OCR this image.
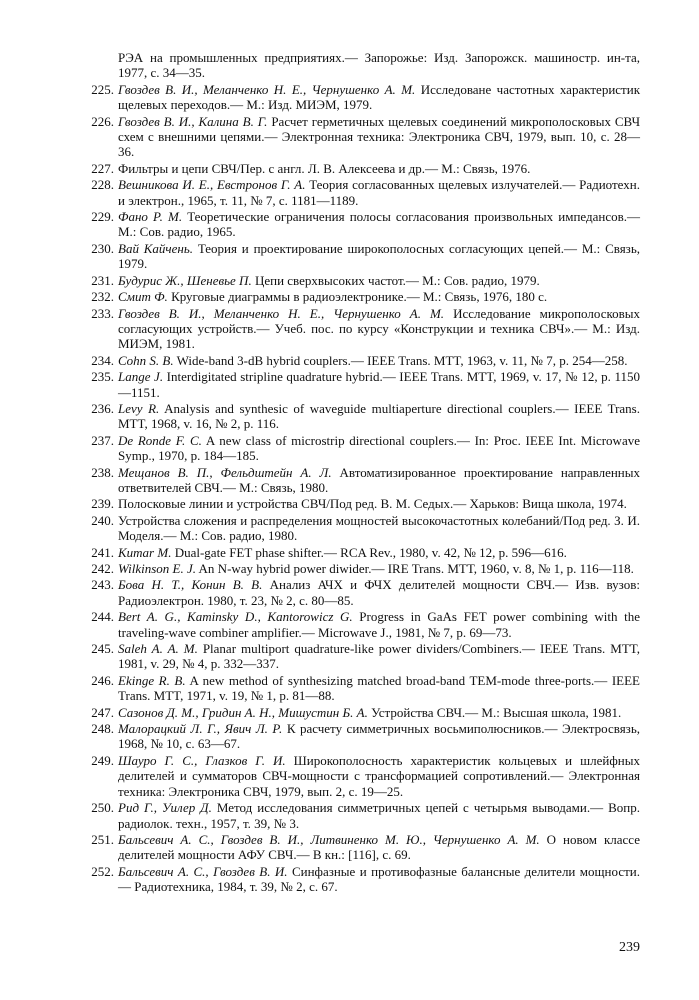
РЭА на промышленных предприятиях.— Запорожье: Изд. Запорожск. машиностр. ин-та, 1977, с. 34—35.
225. Гвоздев В. И., Меланченко Н. Е., Чернушенко А. М. Исследоване частотных характеристик щелевых переходов.— М.: Изд. МИЭМ, 1979.
226. Гвоздев В. И., Калина В. Г. Расчет герметичных щелевых соединений микрополосковых СВЧ схем с внешними цепями.— Электронная техника: Электроника СВЧ, 1979, вып. 10, с. 28—36.
227. Фильтры и цепи СВЧ/Пер. с англ. Л. В. Алексеева и др.— М.: Связь, 1976.
228. Вешникова И. Е., Евстронов Г. А. Теория согласованных щелевых излучателей.— Радиотехн. и электрон., 1965, т. 11, № 7, с. 1181—1189.
229. Фано Р. М. Теоретические ограничения полосы согласования произвольных импедансов.— М.: Сов. радио, 1965.
230. Вай Кайчень. Теория и проектирование широкополосных согласующих цепей.— М.: Связь, 1979.
231. Будурис Ж., Шеневье П. Цепи сверхвысоких частот.— М.: Сов. радио, 1979.
232. Смит Ф. Круговые диаграммы в радиоэлектронике.— М.: Связь, 1976, 180 с.
233. Гвоздев В. И., Меланченко Н. Е., Чернушенко А. М. Исследование микрополосковых согласующих устройств.— Учеб. пос. по курсу «Конструкции и техника СВЧ».— М.: Изд. МИЭМ, 1981.
234. Cohn S. B. Wide-band 3-dB hybrid couplers.— IEEE Trans. MTT, 1963, v. 11, № 7, p. 254—258.
235. Lange J. Interdigitated stripline quadrature hybrid.— IEEE Trans. MTT, 1969, v. 17, № 12, p. 1150—1151.
236. Levy R. Analysis and synthesic of waveguide multiaperture directional couplers.— IEEE Trans. MTT, 1968, v. 16, № 2, p. 116.
237. De Ronde F. C. A new class of microstrip directional couplers.— In: Proc. IEEE Int. Microwave Symp., 1970, p. 184—185.
238. Мещанов В. П., Фельдштейн А. Л. Автоматизированное проектирование направленных ответвителей СВЧ.— М.: Связь, 1980.
239. Полосковые линии и устройства СВЧ/Под ред. В. М. Седых.— Харьков: Вища школа, 1974.
240. Устройства сложения и распределения мощностей высокочастотных колебаний/Под ред. З. И. Моделя.— М.: Сов. радио, 1980.
241. Kumar M. Dual-gate FET phase shifter.— RCA Rev., 1980, v. 42, № 12, p. 596—616.
242. Wilkinson E. J. An N-way hybrid power diwider.— IRE Trans. MTT, 1960, v. 8, № 1, p. 116—118.
243. Бова Н. Т., Конин В. В. Анализ АЧХ и ФЧХ делителей мощности СВЧ.— Изв. вузов: Радиоэлектрон. 1980, т. 23, № 2, с. 80—85.
244. Bert A. G., Kaminsky D., Kantorowicz G. Progress in GaAs FET power combining with the traveling-wave combiner amplifier.— Microwave J., 1981, № 7, p. 69—73.
245. Saleh A. A. M. Planar multiport quadrature-like power dividers/Combiners.— IEEE Trans. MTT, 1981, v. 29, № 4, p. 332—337.
246. Ekinge R. B. A new method of synthesizing matched broad-band TEM-mode three-ports.— IEEE Trans. MTT, 1971, v. 19, № 1, p. 81—88.
247. Сазонов Д. М., Гридин А. Н., Мишустин Б. А. Устройства СВЧ.— М.: Высшая школа, 1981.
248. Малорацкий Л. Г., Явич Л. Р. К расчету симметричных восьмиполюсников.— Электросвязь, 1968, № 10, с. 63—67.
249. Шауро Г. С., Глазков Г. И. Широкополосность характеристик кольцевых и шлейфных делителей и сумматоров СВЧ-мощности с трансформацией сопротивлений.— Электронная техника: Электроника СВЧ, 1979, вып. 2, с. 19—25.
250. Рид Г., Уилер Д. Метод исследования симметричных цепей с четырьмя выводами.— Вопр. радиолок. техн., 1957, т. 39, № 3.
251. Бальсевич А. С., Гвоздев В. И., Литвиненко М. Ю., Чернушенко А. М. О новом классе делителей мощности АФУ СВЧ.— В кн.: [116], с. 69.
252. Бальсевич А. С., Гвоздев В. И. Синфазные и противофазные балансные делители мощности.— Радиотехника, 1984, т. 39, № 2, с. 67.
239
